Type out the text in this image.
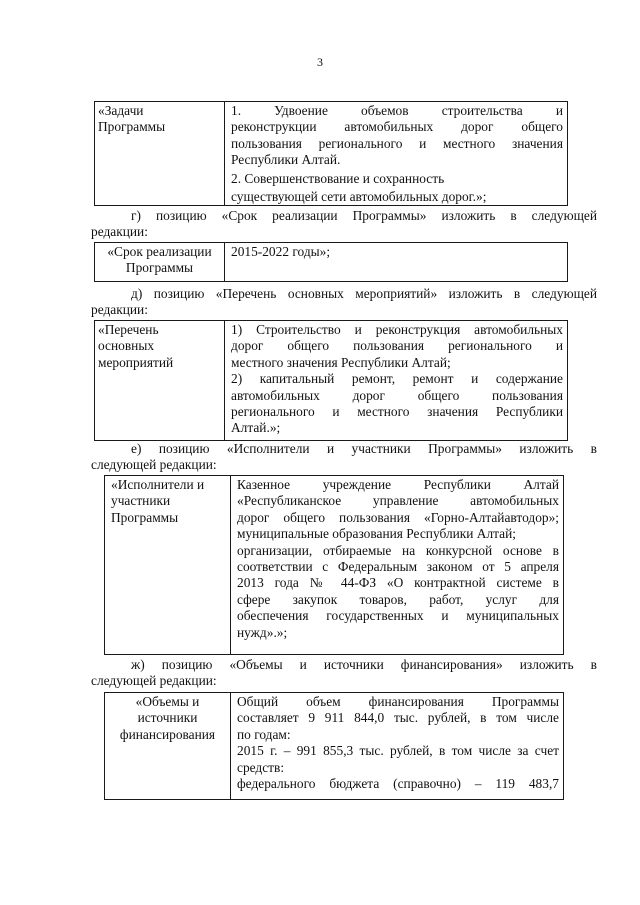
3
«Задачи
Программы
1. Удвоение объемов строительства и
реконструкции автомобильных дорог общего
пользования регионального и местного значения
Республики Алтай.
2. Совершенствование и сохранность
существующей сети автомобильных дорог.»;
г) позицию «Срок реализации Программы» изложить в следующей
редакции:
«Срок реализации
Программы
2015-2022 годы»;
д) позицию «Перечень основных мероприятий» изложить в следующей
редакции:
«Перечень
основных
мероприятий
1) Строительство и реконструкция автомобильных
дорог общего пользования регионального и
местного значения Республики Алтай;
2) капитальный ремонт, ремонт и содержание
автомобильных дорог общего пользования
регионального и местного значения Республики
Алтай.»;
е) позицию «Исполнители и участники Программы» изложить в
следующей редакции:
«Исполнители и
участники
Программы
Казенное учреждение Республики Алтай
«Республиканское управление автомобильных
дорог общего пользования «Горно-Алтайавтодор»;
муниципальные образования Республики Алтай;
организации, отбираемые на конкурсной основе в
соответствии с Федеральным законом от 5 апреля
2013 года № 44-ФЗ «О контрактной системе в
сфере закупок товаров, работ, услуг для
обеспечения государственных и муниципальных
нужд».»;
ж) позицию «Объемы и источники финансирования» изложить в
следующей редакции:
«Объемы и
источники
финансирования
Общий объем финансирования Программы
составляет 9 911 844,0 тыс. рублей, в том числе
по годам:
2015 г. – 991 855,3 тыс. рублей, в том числе за счет
средств:
федерального бюджета (справочно) – 119 483,7
